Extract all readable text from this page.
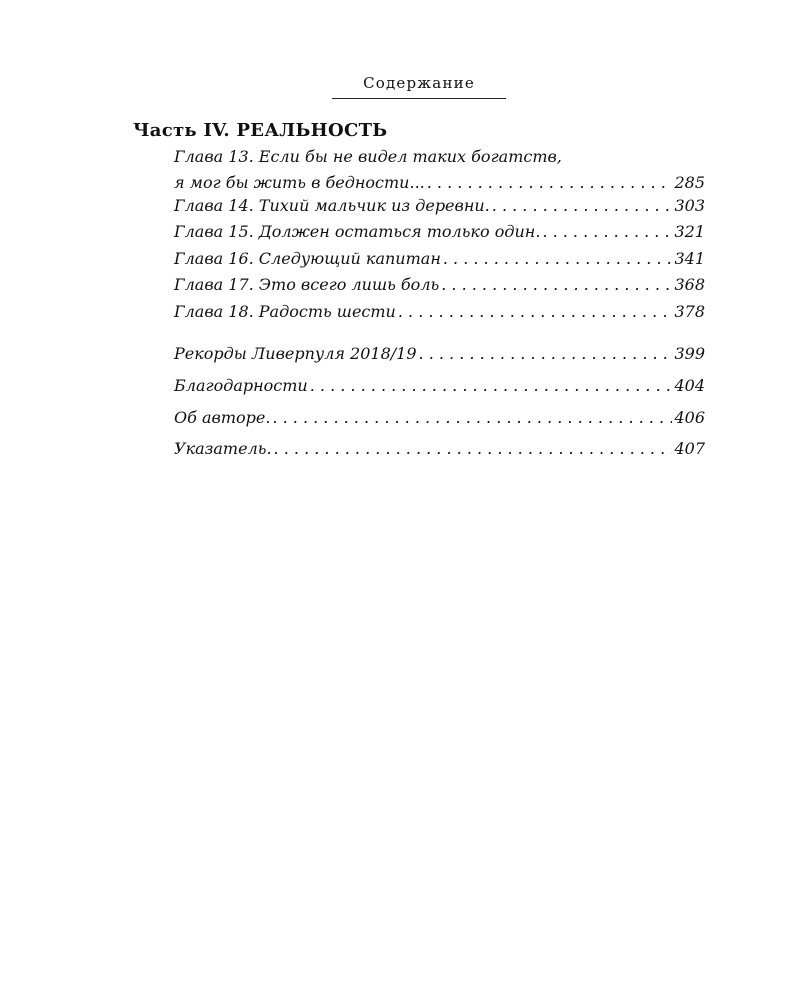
Содержание
Часть IV. РЕАЛЬНОСТЬ
Глава 13. Если бы не видел таких богатств,
я мог бы жить в бедности... . . .	285
Глава 14. Тихий мальчик из деревни. . . .	303
Глава 15. Должен остаться только один. . . .	321
Глава 16. Следующий капитан . . .	341
Глава 17. Это всего лишь боль . . .	368
Глава 18. Радость шести . . .	378
Рекорды Ливерпуля 2018/19 . . .	399
Благодарности . . .	404
Об авторе. . . .	406
Указатель. . . .	407
